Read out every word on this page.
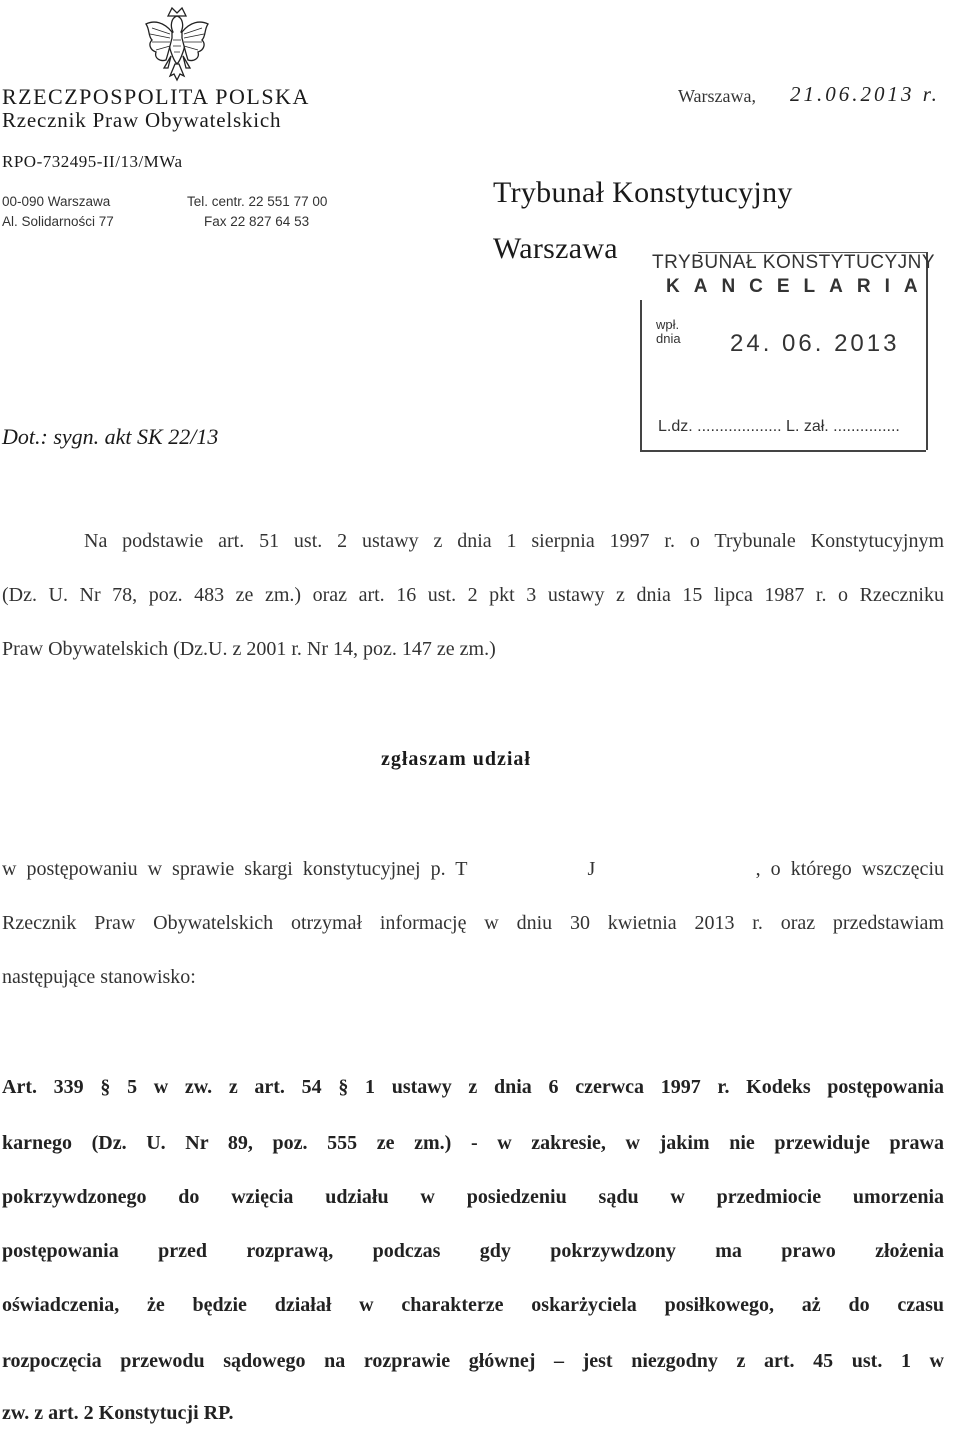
RZECZPOSPOLITA POLSKA
Rzecznik Praw Obywatelskich
RPO-732495-II/13/MWa
00-090 Warszawa
Al. Solidarności 77
Tel. centr. 22 551 77 00
Fax 22 827 64 53
Warszawa, 21.06.2013 r.
Trybunał Konstytucyjny
Warszawa TRYBUNAŁ KONSTYTUCYJNY
KANCELARIA
wpł.
dnia 24. 06. 2013
L.dz. ................... L. zał. ...............
Dot.: sygn. akt SK 22/13
Na podstawie art. 51 ust. 2 ustawy z dnia 1 sierpnia 1997 r. o Trybunale Konstytucyjnym
(Dz. U. Nr 78, poz. 483 ze zm.) oraz art. 16 ust. 2 pkt 3 ustawy z dnia 15 lipca 1987 r. o Rzeczniku
Praw Obywatelskich (Dz.U. z 2001 r. Nr 14, poz. 147 ze zm.)
zgłaszam udział
w postępowaniu w sprawie skargi konstytucyjnej p. T            J                , o którego wszczęciu
Rzecznik Praw Obywatelskich otrzymał informację w dniu 30 kwietnia 2013 r. oraz przedstawiam
następujące stanowisko:
Art. 339 § 5 w zw. z art. 54 § 1 ustawy z dnia 6 czerwca 1997 r. Kodeks postępowania
karnego (Dz. U. Nr 89, poz. 555 ze zm.) - w zakresie, w jakim nie przewiduje prawa
pokrzywdzonego do wzięcia udziału w posiedzeniu sądu w przedmiocie umorzenia
postępowania przed rozprawą, podczas gdy pokrzywdzony ma prawo złożenia
oświadczenia, że będzie działał w charakterze oskarżyciela posiłkowego, aż do czasu
rozpoczęcia przewodu sądowego na rozprawie głównej – jest niezgodny z art. 45 ust. 1 w
zw. z art. 2 Konstytucji RP.
